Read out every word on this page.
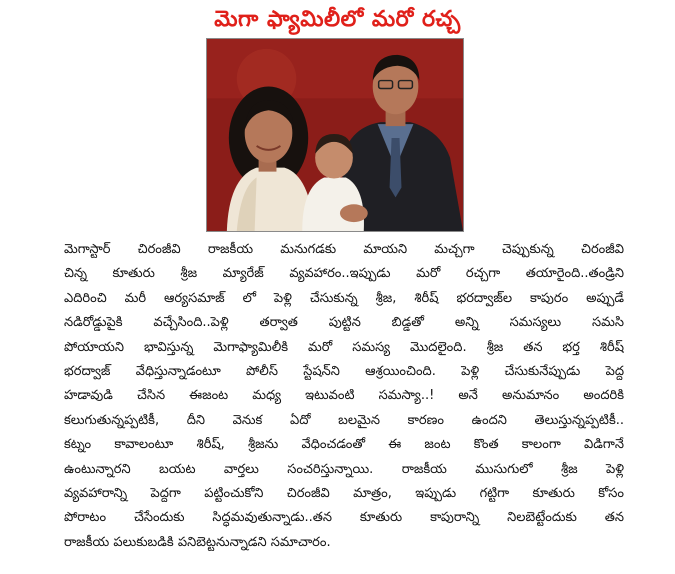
మెగా ఫ్యామిలీలో మరో రచ్చ
మెగాస్టార్ చిరంజీవి రాజకీయ మనుగడకు మాయని మచ్చగా చెప్పుకున్న చిరంజీవి
చిన్న కూతురు శ్రీజ మ్యారేజ్ వ్యవహారం..ఇప్పుడు మరో రచ్చగా తయారైంది..తండ్రిని
ఎదిరించి మరీ ఆర్యసమాజ్ లో పెళ్లి చేసుకున్న శ్రీజ, శిరీష్ భరద్వాజ్‌ల కాపురం అప్పుడే
నడిరోడ్డుపైకి వచ్చేసింది..పెళ్లి తర్వాత పుట్టిన బిడ్డతో అన్ని సమస్యలు సమసి
పోయాయని భావిస్తున్న మెగాఫ్యామిలీకి మరో సమస్య మొదలైంది. శ్రీజ తన భర్త శిరీష్
భరద్వాజ్ వేధిస్తున్నాడంటూ పోలీస్ స్టేషన్‌ని ఆశ్రయించింది. పెళ్లి చేసుకునేప్పుడు పెద్ద
హడావుడి చేసిన ఈజంట మధ్య ఇటువంటి సమస్యా..! అనే అనుమానం అందరికి
కలుగుతున్నప్పటికీ, దీని వెనుక ఏదో బలమైన కారణం ఉందని తెలుస్తున్నప్పటికీ..
కట్నం కావాలంటూ శిరీష్, శ్రీజను వేధించడంతో ఈ జంట కొంత కాలంగా విడిగానే
ఉంటున్నారని బయట వార్తలు సంచరిస్తున్నాయి. రాజకీయ ముసుగులో శ్రీజ పెళ్లి
వ్యవహారాన్ని పెద్దగా పట్టించుకోని చిరంజీవి మాత్రం, ఇప్పుడు గట్టిగా కూతురు కోసం
పోరాటం చేసేందుకు సిద్ధమవుతున్నాడు..తన కూతురు కాపురాన్ని నిలబెట్టేందుకు తన
రాజకీయ పలుకుబడికి పనిబెట్టనున్నాడని సమాచారం.
